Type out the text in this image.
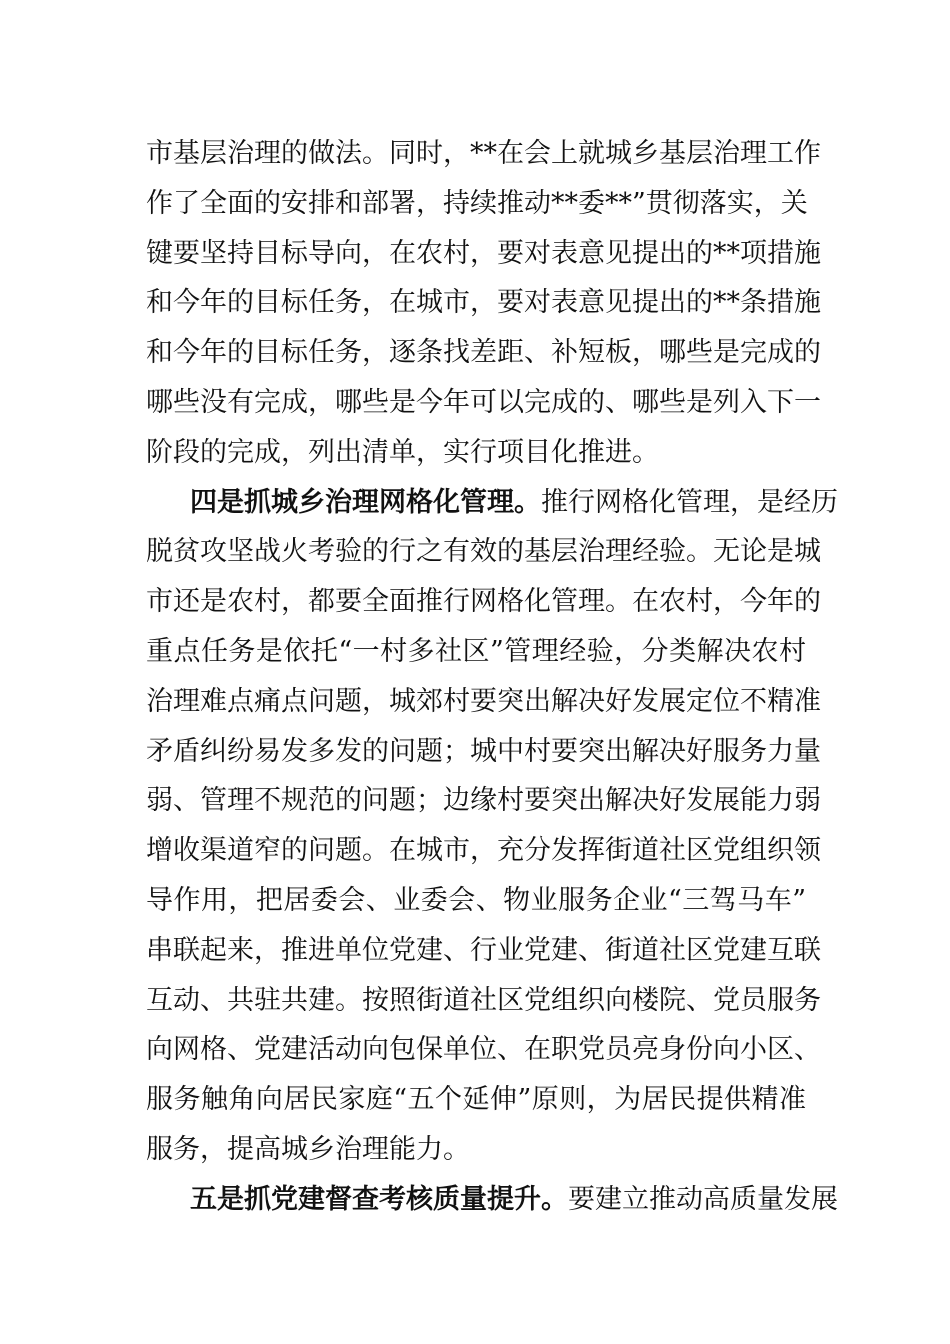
市基层治理的做法。同时，**在会上就城乡基层治理工作
作了全面的安排和部署，持续推动**委**”贯彻落实，关
键要坚持目标导向，在农村，要对表意见提出的**项措施
和今年的目标任务，在城市，要对表意见提出的**条措施
和今年的目标任务，逐条找差距、补短板，哪些是完成的
哪些没有完成，哪些是今年可以完成的、哪些是列入下一
阶段的完成，列出清单，实行项目化推进。
四是抓城乡治理网格化管理。推行网格化管理，是经历
脱贫攻坚战火考验的行之有效的基层治理经验。无论是城
市还是农村，都要全面推行网格化管理。在农村，今年的
重点任务是依托“一村多社区”管理经验，分类解决农村
治理难点痛点问题，城郊村要突出解决好发展定位不精准
矛盾纠纷易发多发的问题；城中村要突出解决好服务力量
弱、管理不规范的问题；边缘村要突出解决好发展能力弱
增收渠道窄的问题。在城市，充分发挥街道社区党组织领
导作用，把居委会、业委会、物业服务企业“三驾马车”
串联起来，推进单位党建、行业党建、街道社区党建互联
互动、共驻共建。按照街道社区党组织向楼院、党员服务
向网格、党建活动向包保单位、在职党员亮身份向小区、
服务触角向居民家庭“五个延伸”原则，为居民提供精准
服务，提高城乡治理能力。
五是抓党建督查考核质量提升。要建立推动高质量发展
